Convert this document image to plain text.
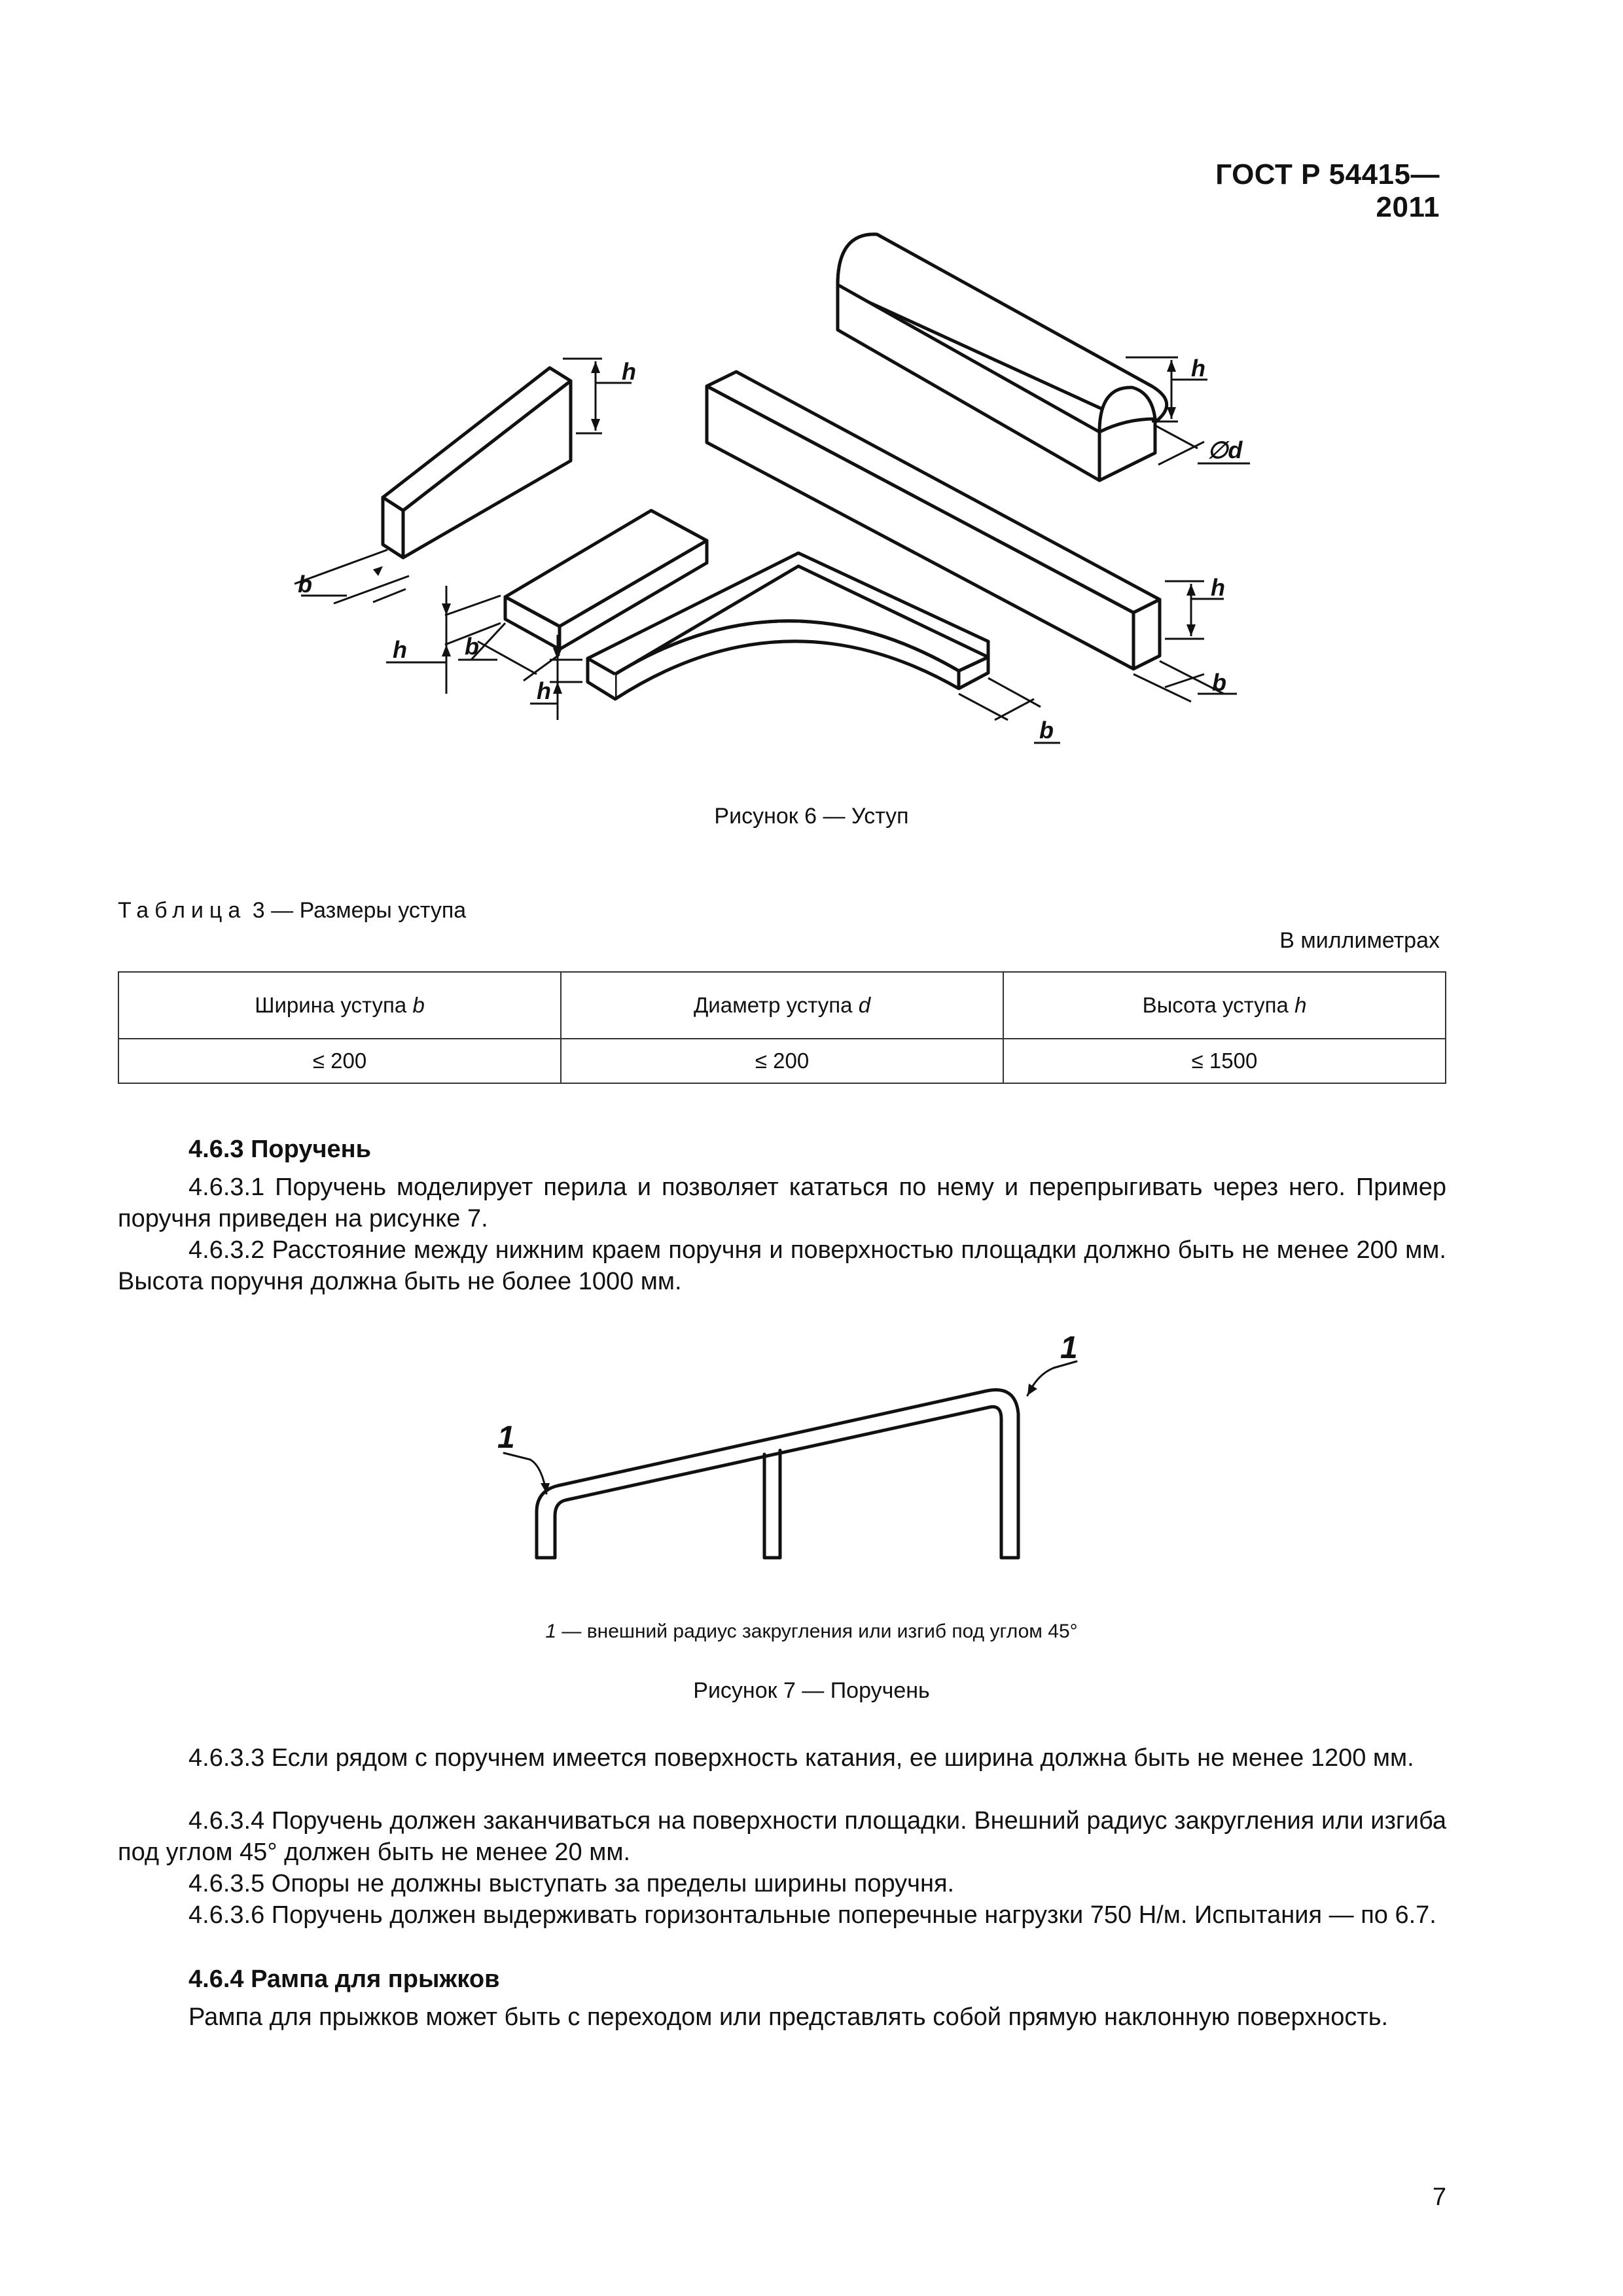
ГОСТ Р 54415—2011
h
b
h b
h
b
h
∅d
h
b
Рисунок 6 — Уступ
Таблица 3 — Размеры уступа
В миллиметрах
Ширина уступа b	Диаметр уступа d	Высота уступа h
≤ 200	≤ 200	≤ 1500
4.6.3 Поручень
4.6.3.1 Поручень моделирует перила и позволяет кататься по нему и перепрыгивать через него. Пример поручня приведен на рисунке 7.
4.6.3.2 Расстояние между нижним краем поручня и поверхностью площадки должно быть не менее 200 мм. Высота поручня должна быть не более 1000 мм.
1
1
1 — внешний радиус закругления или изгиб под углом 45°
Рисунок 7 — Поручень
4.6.3.3 Если рядом с поручнем имеется поверхность катания, ее ширина должна быть не менее 1200 мм.
4.6.3.4 Поручень должен заканчиваться на поверхности площадки. Внешний радиус закругления или изгиба под углом 45° должен быть не менее 20 мм.
4.6.3.5 Опоры не должны выступать за пределы ширины поручня.
4.6.3.6 Поручень должен выдерживать горизонтальные поперечные нагрузки 750 Н/м. Испытания — по 6.7.
4.6.4 Рампа для прыжков
Рампа для прыжков может быть с переходом или представлять собой прямую наклонную поверхность.
7
